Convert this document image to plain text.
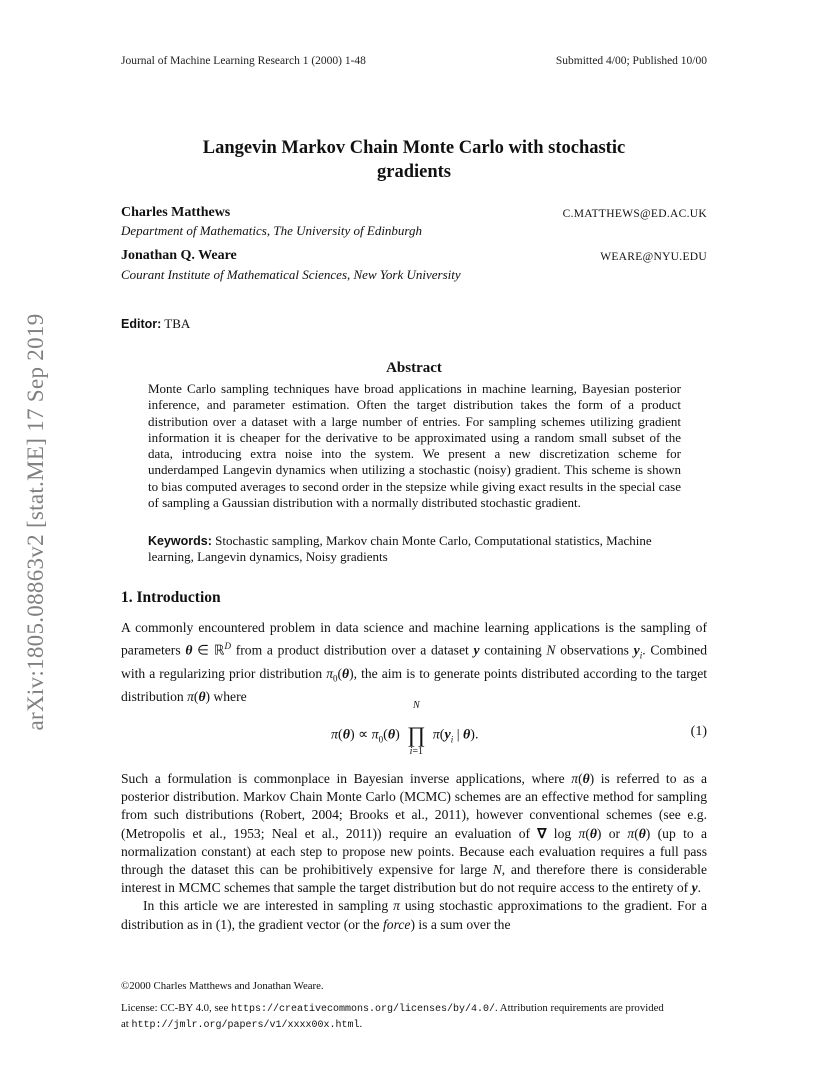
arXiv:1805.08863v2 [stat.ME] 17 Sep 2019
Journal of Machine Learning Research 1 (2000) 1-48	Submitted 4/00; Published 10/00
Langevin Markov Chain Monte Carlo with stochastic
gradients
Charles Matthews	C.MATTHEWS@ED.AC.UK
Department of Mathematics, The University of Edinburgh
Jonathan Q. Weare	WEARE@NYU.EDU
Courant Institute of Mathematical Sciences, New York University
Editor: TBA
Abstract
Monte Carlo sampling techniques have broad applications in machine learning, Bayesian posterior inference, and parameter estimation. Often the target distribution takes the form of a product distribution over a dataset with a large number of entries. For sampling schemes utilizing gradient information it is cheaper for the derivative to be approximated using a random small subset of the data, introducing extra noise into the system. We present a new discretization scheme for underdamped Langevin dynamics when utilizing a stochastic (noisy) gradient. This scheme is shown to bias computed averages to second order in the stepsize while giving exact results in the special case of sampling a Gaussian distribution with a normally distributed stochastic gradient.
Keywords: Stochastic sampling, Markov chain Monte Carlo, Computational statistics, Machine learning, Langevin dynamics, Noisy gradients
1. Introduction

A commonly encountered problem in data science and machine learning applications is the sampling of parameters θ ∈ ℝ$^D$ from a product distribution over a dataset y containing N observations $y_i$. Combined with a regularizing prior distribution $\pi_0(\theta)$, the aim is to generate points distributed according to the target distribution π(θ) where

$\pi(\theta) \propto \pi_0(\theta)$
N
∏
i=1
$\pi(y_i$ | θ).	(1)

Such a formulation is commonplace in Bayesian inverse applications, where π(θ) is referred to as a posterior distribution. Markov Chain Monte Carlo (MCMC) schemes are an effective method for sampling from such distributions (Robert, 2004; Brooks et al., 2011), however conventional schemes (see e.g. (Metropolis et al., 1953; Neal et al., 2011)) require an evaluation of ∇ log π(θ) or π(θ) (up to a normalization constant) at each step to propose new points. Because each evaluation requires a full pass through the dataset this can be prohibitively expensive for large N, and therefore there is considerable interest in MCMC schemes that sample the target distribution but do not require access to the entirety of y.

In this article we are interested in sampling π using stochastic approximations to the gradient. For a distribution as in (1), the gradient vector (or the force) is a sum over the

©2000 Charles Matthews and Jonathan Weare.
License: CC-BY 4.0, see https://creativecommons.org/licenses/by/4.0/. Attribution requirements are provided
at http://jmlr.org/papers/v1/xxxx00x.html.
